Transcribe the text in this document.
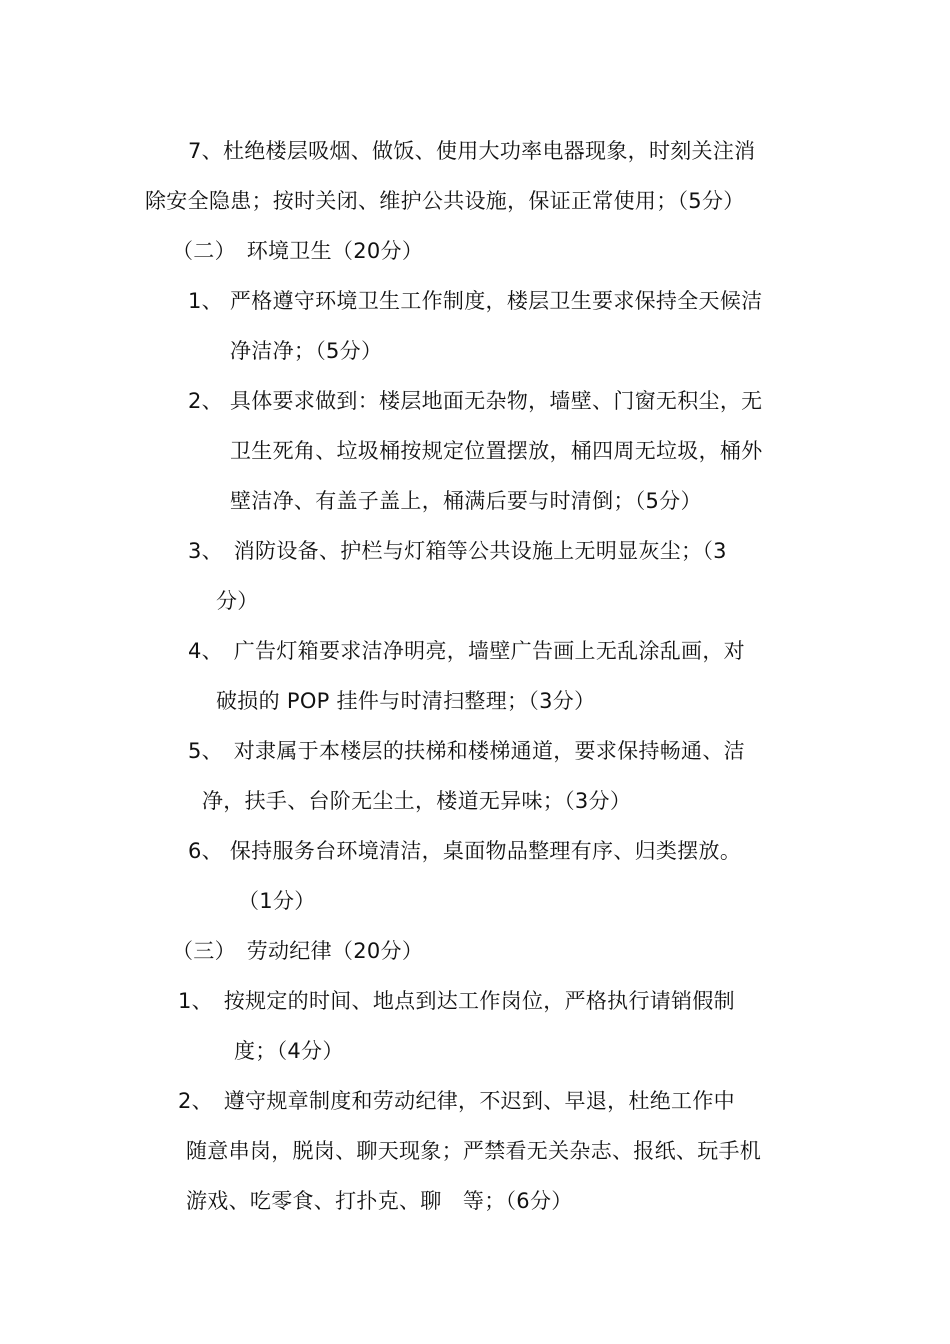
7、杜绝楼层吸烟、做饭、使用大功率电器现象，时刻关注消
除安全隐患；按时关闭、维护公共设施，保证正常使用；（5分）
（二）　环境卫生（20分）
1、 严格遵守环境卫生工作制度，楼层卫生要求保持全天候洁
净洁净；（5分）
2、 具体要求做到：楼层地面无杂物，墙壁、门窗无积尘，无
卫生死角、垃圾桶按规定位置摆放，桶四周无垃圾，桶外
壁洁净、有盖子盖上，桶满后要与时清倒；（5分）
3、　消防设备、护栏与灯箱等公共设施上无明显灰尘；（3
分）
4、　广告灯箱要求洁净明亮，墙壁广告画上无乱涂乱画，对
破损的 POP 挂件与时清扫整理；（3分）
5、　对隶属于本楼层的扶梯和楼梯通道，要求保持畅通、洁
净，扶手、台阶无尘土，楼道无异味；（3分）
6、 保持服务台环境清洁，桌面物品整理有序、归类摆放。
（1分）
（三）　劳动纪律（20分）
1、　按规定的时间、地点到达工作岗位，严格执行请销假制
度；（4分）
2、　遵守规章制度和劳动纪律，不迟到、早退，杜绝工作中
随意串岗，脱岗、聊天现象；严禁看无关杂志、报纸、玩手机
游戏、吃零食、打扑克、聊　等；（6分）
